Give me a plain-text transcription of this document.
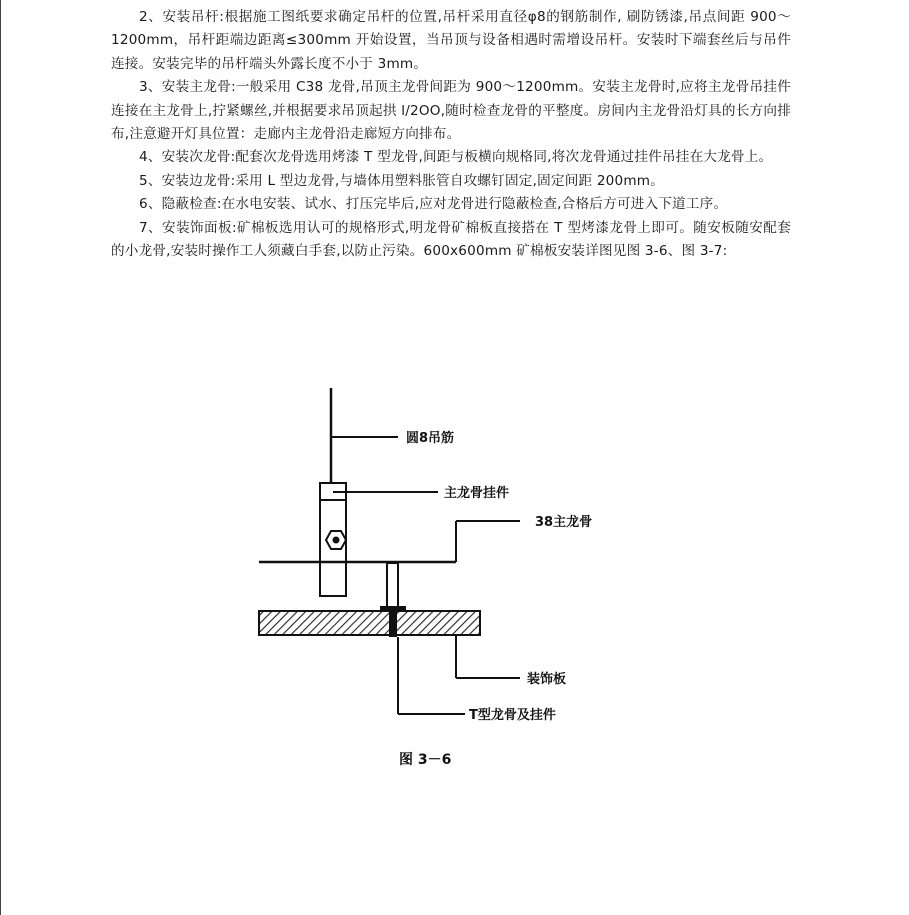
2、安装吊杆:根据施工图纸要求确定吊杆的位置,吊杆采用直径φ8的钢筋制作, 刷防锈漆,吊点间距 900～1200mm，吊杆距端边距离≤300mm 开始设置，当吊顶与设备相遇时需增设吊杆。安装时下端套丝后与吊件连接。安装完毕的吊杆端头外露长度不小于 3mm。

3、安装主龙骨:一般采用 C38 龙骨,吊顶主龙骨间距为 900～1200mm。安装主龙骨时,应将主龙骨吊挂件连接在主龙骨上,拧紧螺丝,并根据要求吊顶起拱 l/2OO,随时检查龙骨的平整度。房间内主龙骨沿灯具的长方向排布,注意避开灯具位置：走廊内主龙骨沿走廊短方向排布。

4、安装次龙骨:配套次龙骨选用烤漆 T 型龙骨,间距与板横向规格同,将次龙骨通过挂件吊挂在大龙骨上。

5、安装边龙骨:采用 L 型边龙骨,与墙体用塑料胀管自攻螺钉固定,固定间距 200mm。

6、隐蔽检查:在水电安装、试水、打压完毕后,应对龙骨进行隐蔽检查,合格后方可进入下道工序。

7、安装饰面板:矿棉板选用认可的规格形式,明龙骨矿棉板直接搭在 T 型烤漆龙骨上即可。随安板随安配套的小龙骨,安装时操作工人须藏白手套,以防止污染。600x600mm 矿棉板安装详图见图 3-6、图 3-7:

圆8吊筋
主龙骨挂件
38主龙骨
装饰板
T型龙骨及挂件
图 3－6
